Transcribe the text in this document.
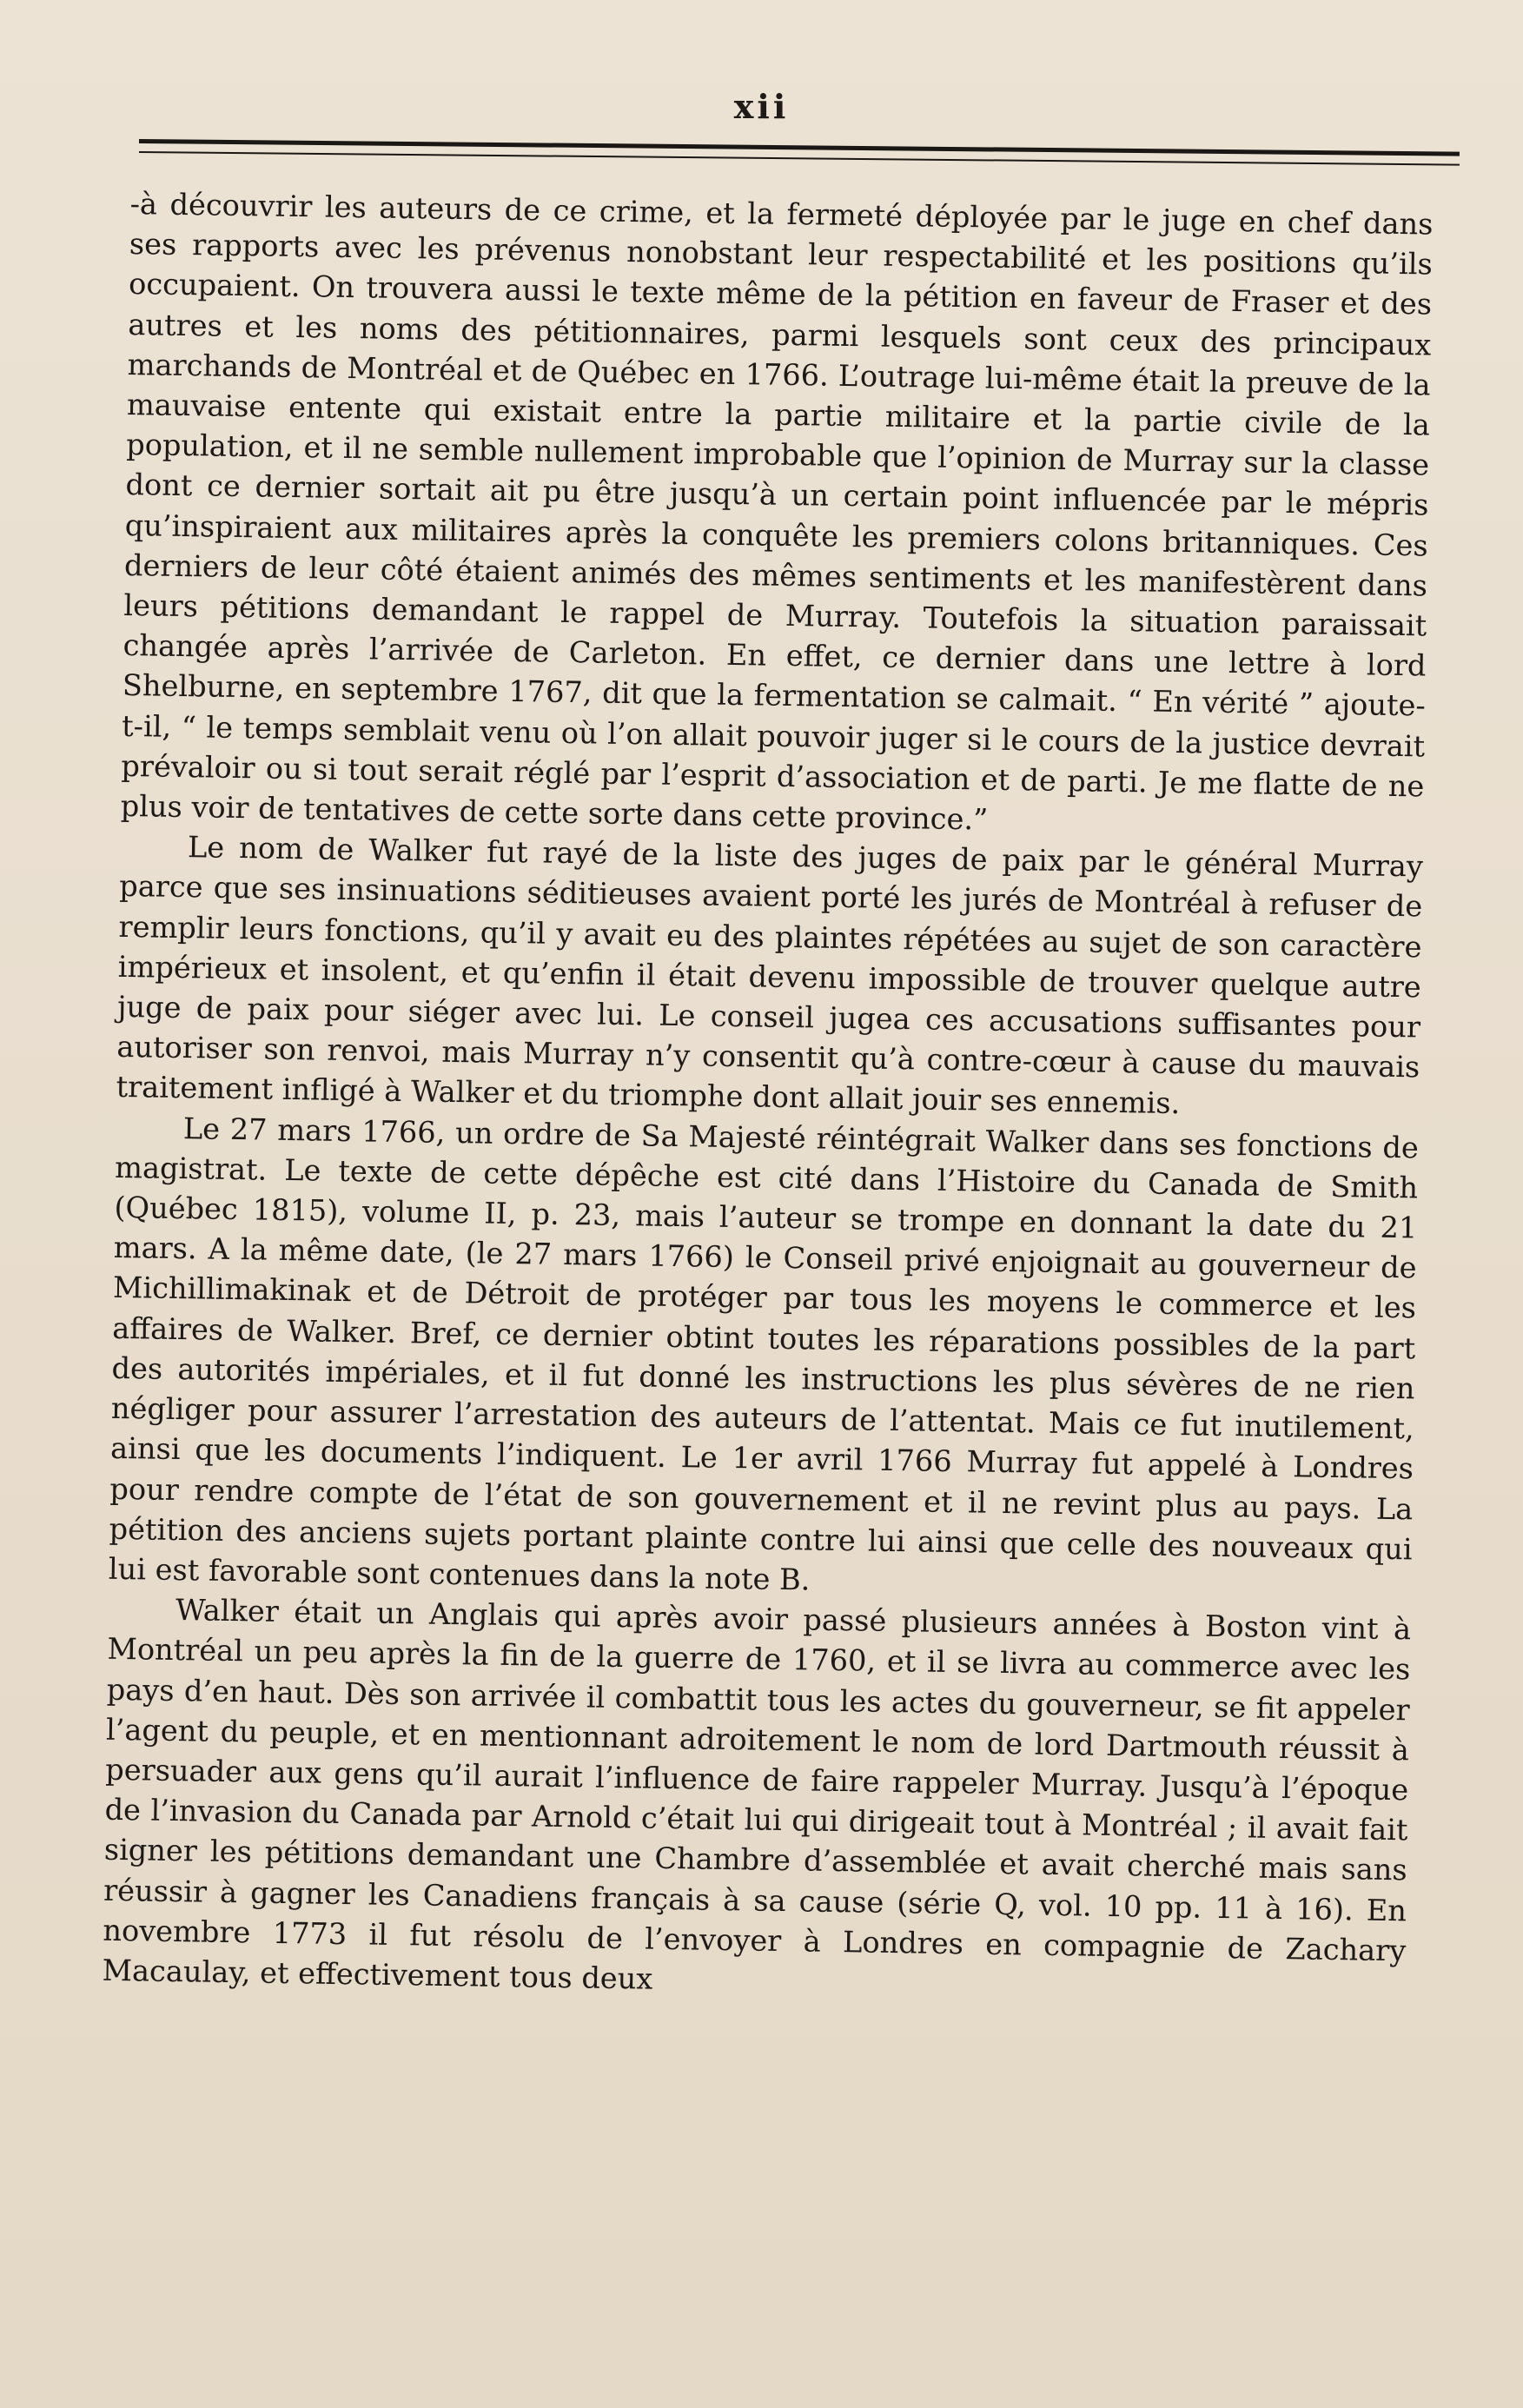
xii

-à découvrir les auteurs de ce crime, et la fermeté déployée par le juge en chef dans ses rapports avec les prévenus nonobstant leur respectabilité et les positions qu’ils occupaient. On trouvera aussi le texte même de la pétition en faveur de Fraser et des autres et les noms des pétitionnaires, parmi lesquels sont ceux des principaux marchands de Montréal et de Québec en 1766. L’outrage lui-même était la preuve de la mauvaise entente qui existait entre la partie militaire et la partie civile de la population, et il ne semble nullement improbable que l’opinion de Murray sur la classe dont ce dernier sortait ait pu être jusqu’à un certain point influencée par le mépris qu’inspiraient aux militaires après la conquête les premiers colons britanniques. Ces derniers de leur côté étaient animés des mêmes sentiments et les manifestèrent dans leurs pétitions demandant le rappel de Murray. Toutefois la situation paraissait changée après l’arrivée de Carleton. En effet, ce dernier dans une lettre à lord Shelburne, en septembre 1767, dit que la fermentation se calmait. “ En vérité ” ajoute-t-il, “ le temps semblait venu où l’on allait pouvoir juger si le cours de la justice devrait prévaloir ou si tout serait réglé par l’esprit d’association et de parti. Je me flatte de ne plus voir de tentatives de cette sorte dans cette province.”

Le nom de Walker fut rayé de la liste des juges de paix par le général Murray parce que ses insinuations séditieuses avaient porté les jurés de Montréal à refuser de remplir leurs fonctions, qu’il y avait eu des plaintes répétées au sujet de son caractère impérieux et insolent, et qu’enfin il était devenu impossible de trouver quelque autre juge de paix pour siéger avec lui. Le conseil jugea ces accusations suffisantes pour autoriser son renvoi, mais Murray n’y consentit qu’à contre-cœur à cause du mauvais traitement infligé à Walker et du triomphe dont allait jouir ses ennemis.

Le 27 mars 1766, un ordre de Sa Majesté réintégrait Walker dans ses fonctions de magistrat. Le texte de cette dépêche est cité dans l’Histoire du Canada de Smith (Québec 1815), volume II, p. 23, mais l’auteur se trompe en donnant la date du 21 mars. A la même date, (le 27 mars 1766) le Conseil privé enjoignait au gouverneur de Michillimakinak et de Détroit de protéger par tous les moyens le commerce et les affaires de Walker. Bref, ce dernier obtint toutes les réparations possibles de la part des autorités impériales, et il fut donné les instructions les plus sévères de ne rien négliger pour assurer l’arrestation des auteurs de l’attentat. Mais ce fut inutilement, ainsi que les documents l’indiquent. Le 1er avril 1766 Murray fut appelé à Londres pour rendre compte de l’état de son gouvernement et il ne revint plus au pays. La pétition des anciens sujets portant plainte contre lui ainsi que celle des nouveaux qui lui est favorable sont contenues dans la note B.

Walker était un Anglais qui après avoir passé plusieurs années à Boston vint à Montréal un peu après la fin de la guerre de 1760, et il se livra au commerce avec les pays d’en haut. Dès son arrivée il combattit tous les actes du gouverneur, se fit appeler l’agent du peuple, et en mentionnant adroitement le nom de lord Dartmouth réussit à persuader aux gens qu’il aurait l’influence de faire rappeler Murray. Jusqu’à l’époque de l’invasion du Canada par Arnold c’était lui qui dirigeait tout à Montréal ; il avait fait signer les pétitions demandant une Chambre d’assemblée et avait cherché mais sans réussir à gagner les Canadiens français à sa cause (série Q, vol. 10 pp. 11 à 16). En novembre 1773 il fut résolu de l’envoyer à Londres en compagnie de Zachary Macaulay, et effectivement tous deux
